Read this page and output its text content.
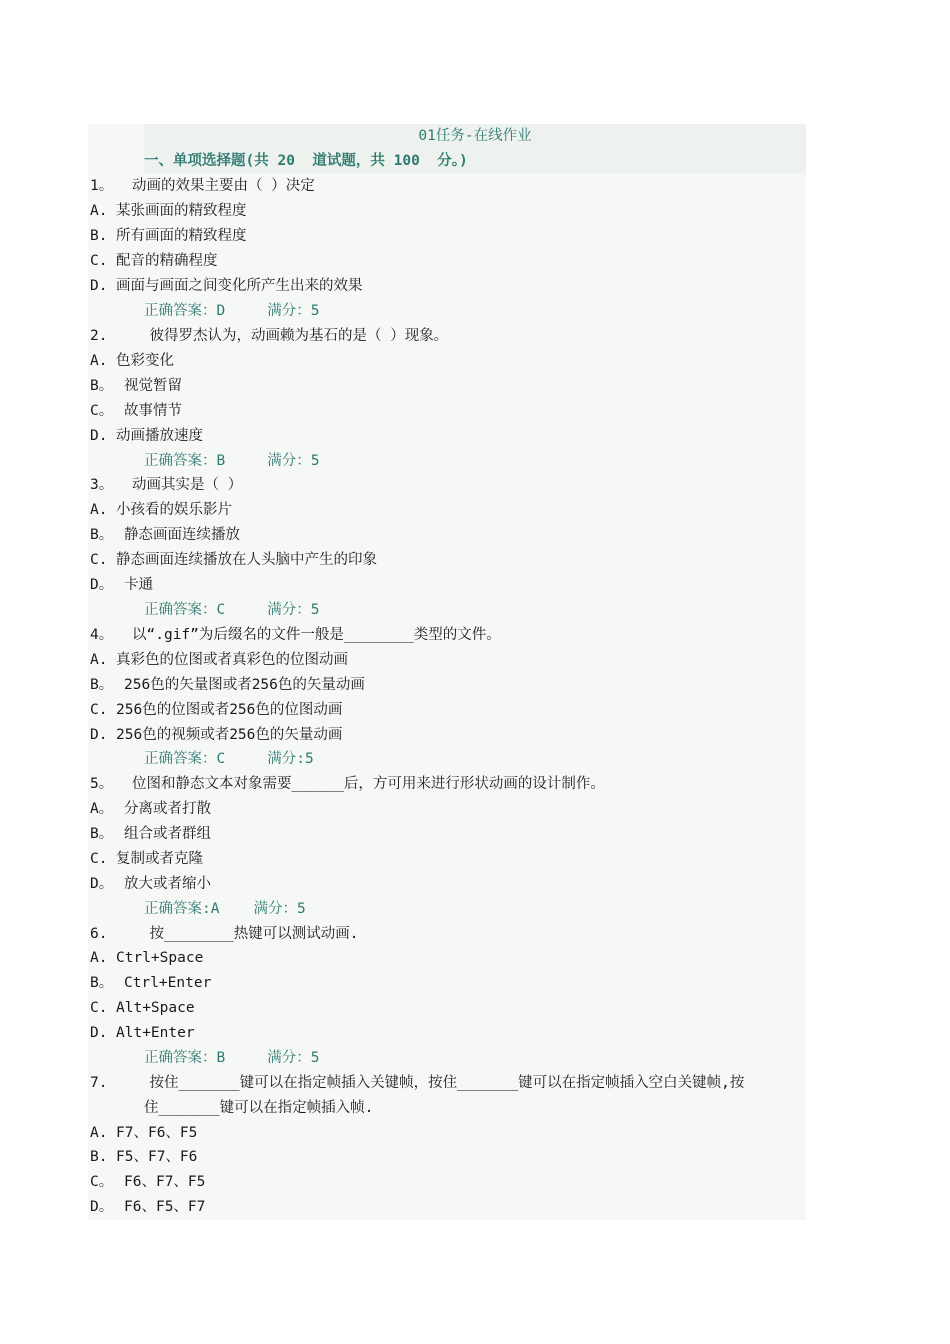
01任务-在线作业
一、单项选择题(共 20  道试题，共 100  分。)
1。 动画的效果主要由（ ）决定
A. 某张画面的精致程度
B. 所有画面的精致程度
C. 配音的精确程度
D. 画面与画面之间变化所产生出来的效果
正确答案：D	满分：5
2.  彼得罗杰认为，动画赖为基石的是（ ）现象。
A. 色彩变化
B。 视觉暂留
C。 故事情节
D. 动画播放速度
正确答案：B	满分：5
3。 动画其实是（ ）
A. 小孩看的娱乐影片
B。 静态画面连续播放
C. 静态画面连续播放在人头脑中产生的印象
D。 卡通
正确答案：C	满分：5
4。 以“.gif”为后缀名的文件一般是________类型的文件。
A. 真彩色的位图或者真彩色的位图动画
B。 256色的矢量图或者256色的矢量动画
C. 256色的位图或者256色的位图动画
D. 256色的视频或者256色的矢量动画
正确答案：C	满分:5
5。 位图和静态文本对象需要______后，方可用来进行形状动画的设计制作。
A。 分离或者打散
B。 组合或者群组
C. 复制或者克隆
D。 放大或者缩小
正确答案:A 满分：5
6.  按________热键可以测试动画.
A. Ctrl+Space
B。 Ctrl+Enter
C. Alt+Space
D. Alt+Enter
正确答案：B	满分：5
7.  按住_______键可以在指定帧插入关键帧，按住_______键可以在指定帧插入空白关键帧,按
住_______键可以在指定帧插入帧.
A. F7、F6、F5
B. F5、F7、F6
C。 F6、F7、F5
D。 F6、F5、F7
